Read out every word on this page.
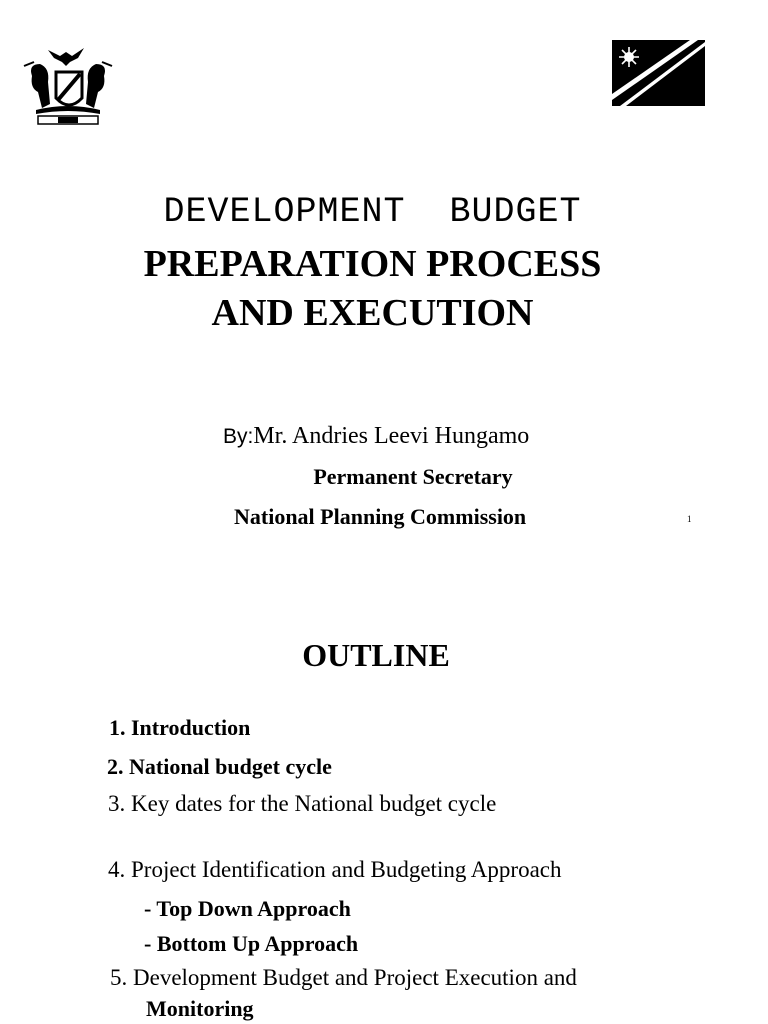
DEVELOPMENT  BUDGET
PREPARATION PROCESS
AND EXECUTION
By:Mr. Andries Leevi Hungamo
Permanent Secretary
National Planning Commission	1
OUTLINE
1. Introduction
2. National budget cycle
3. Key dates for the National budget cycle
4. Project Identification and Budgeting Approach
- Top Down Approach
- Bottom Up Approach
5. Development Budget and Project Execution and
Monitoring
